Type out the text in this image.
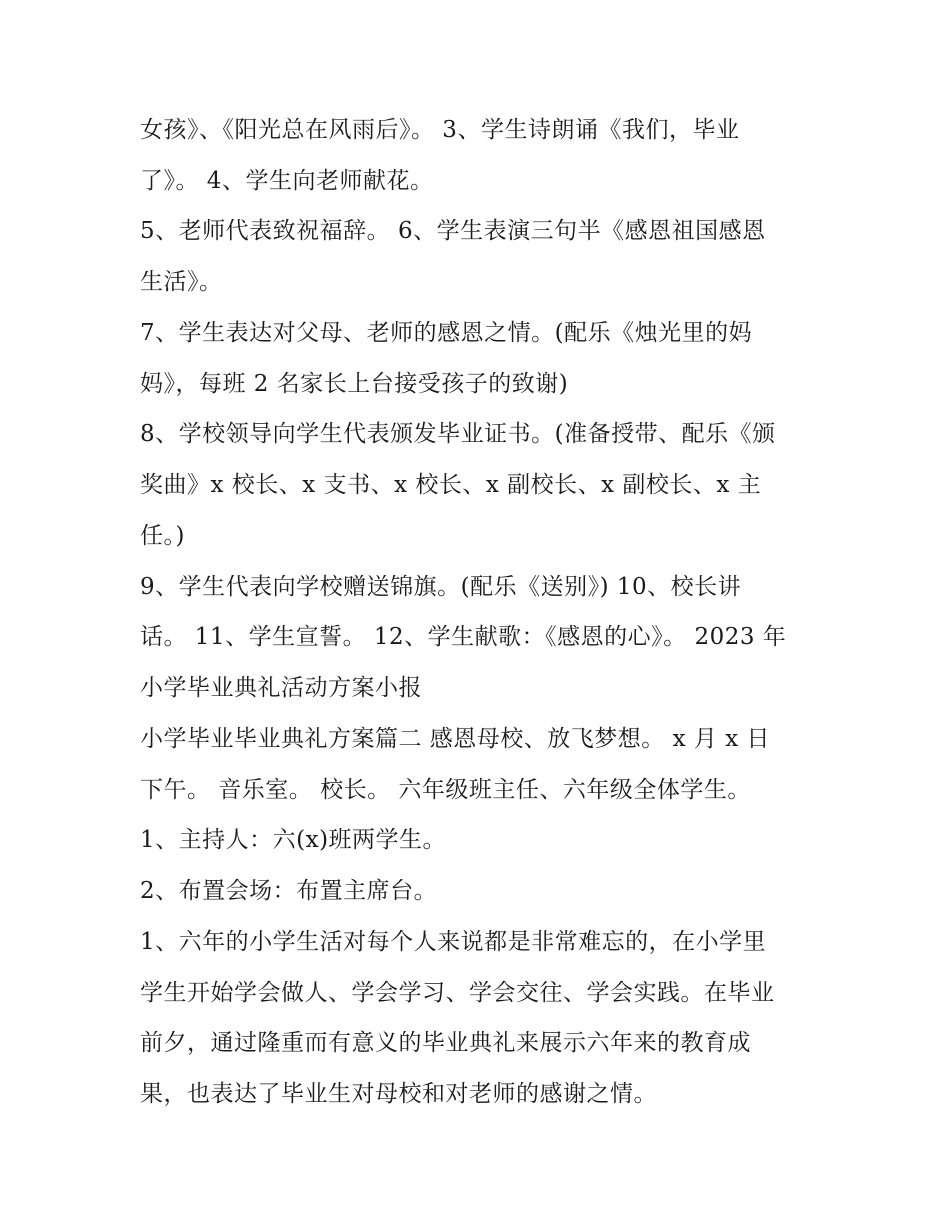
女孩》、《阳光总在风雨后》。 3、学生诗朗诵《我们，毕业
了》。 4、学生向老师献花。
5、老师代表致祝福辞。 6、学生表演三句半《感恩祖国感恩
生活》。
7、学生表达对父母、老师的感恩之情。(配乐《烛光里的妈
妈》，每班 2 名家长上台接受孩子的致谢)
8、学校领导向学生代表颁发毕业证书。(准备授带、配乐《颁
奖曲》x 校长、x 支书、x 校长、x 副校长、x 副校长、x 主
任。)
9、学生代表向学校赠送锦旗。(配乐《送别》) 10、校长讲
话。 11、学生宣誓。 12、学生献歌：《感恩的心》。 2023 年
小学毕业典礼活动方案小报
小学毕业毕业典礼方案篇二 感恩母校、放飞梦想。 x 月 x 日
下午。 音乐室。 校长。 六年级班主任、六年级全体学生。
1、主持人：六(x)班两学生。
2、布置会场：布置主席台。
1、六年的小学生活对每个人来说都是非常难忘的，在小学里
学生开始学会做人、学会学习、学会交往、学会实践。在毕业
前夕，通过隆重而有意义的毕业典礼来展示六年来的教育成
果，也表达了毕业生对母校和对老师的感谢之情。
